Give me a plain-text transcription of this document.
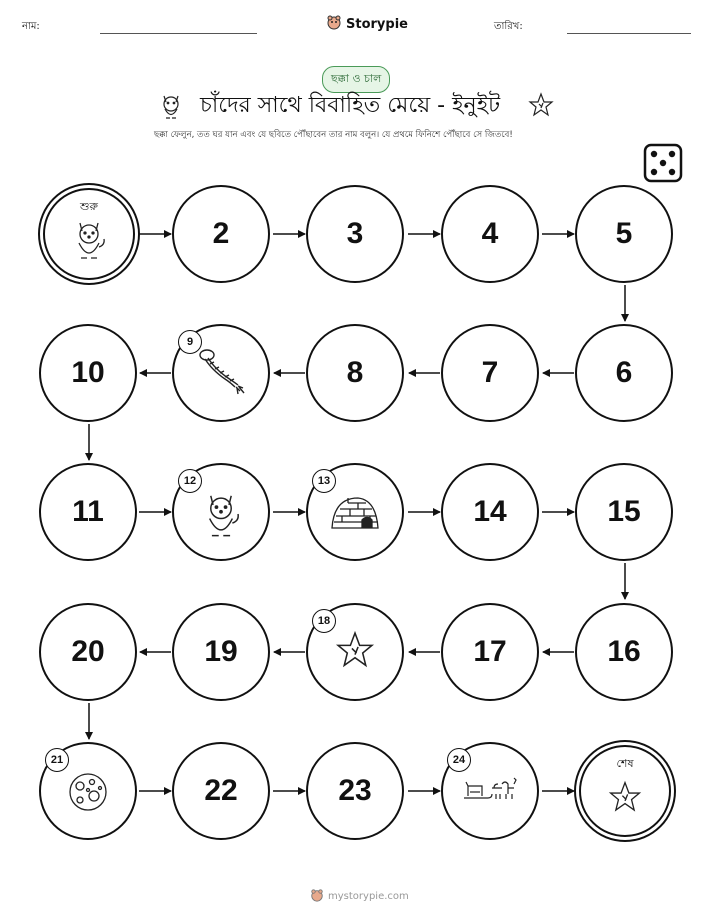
নাম:	Storypie	তারিখ:
ছক্কা ও চাল
চাঁদের সাথে বিবাহিত মেয়ে - ইনুইট
ছক্কা ফেলুন, তত ঘর যান এবং যে ছবিতে পৌঁছাবেন তার নাম বলুন। যে প্রথমে ফিনিশে পৌঁছাবে সে জিতবে!
শুরু
2	3	4	5
10
9
8	7	6
11
12	13
14	15
20	19
18
17	16
21
22	23
24	শেষ
mystorypie.com
